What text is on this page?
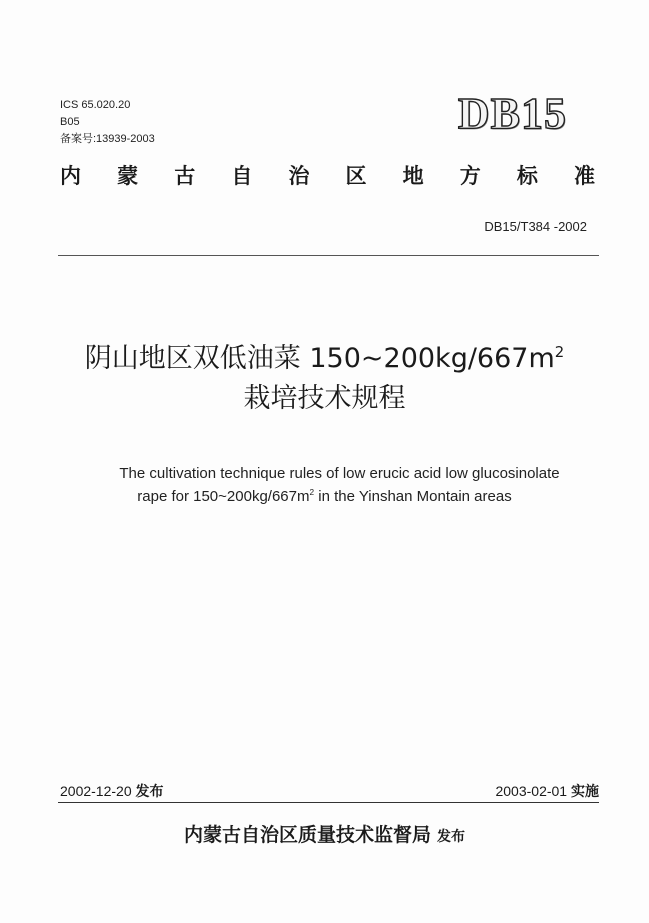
ICS 65.020.20
B05
备案号:13939-2003
DB15
内 蒙 古 自 治 区 地 方 标 准
DB15/T384 -2002
阴山地区双低油菜 $150\sim 200kg/667m^2$
栽培技术规程
The cultivation technique rules of low erucic acid low glucosinolate
rape for $150\sim 200kg/667m^2$ in the Yinshan Montain areas
2002-12-20 发布	2003-02-01 实施
内蒙古自治区质量技术监督局 发布
